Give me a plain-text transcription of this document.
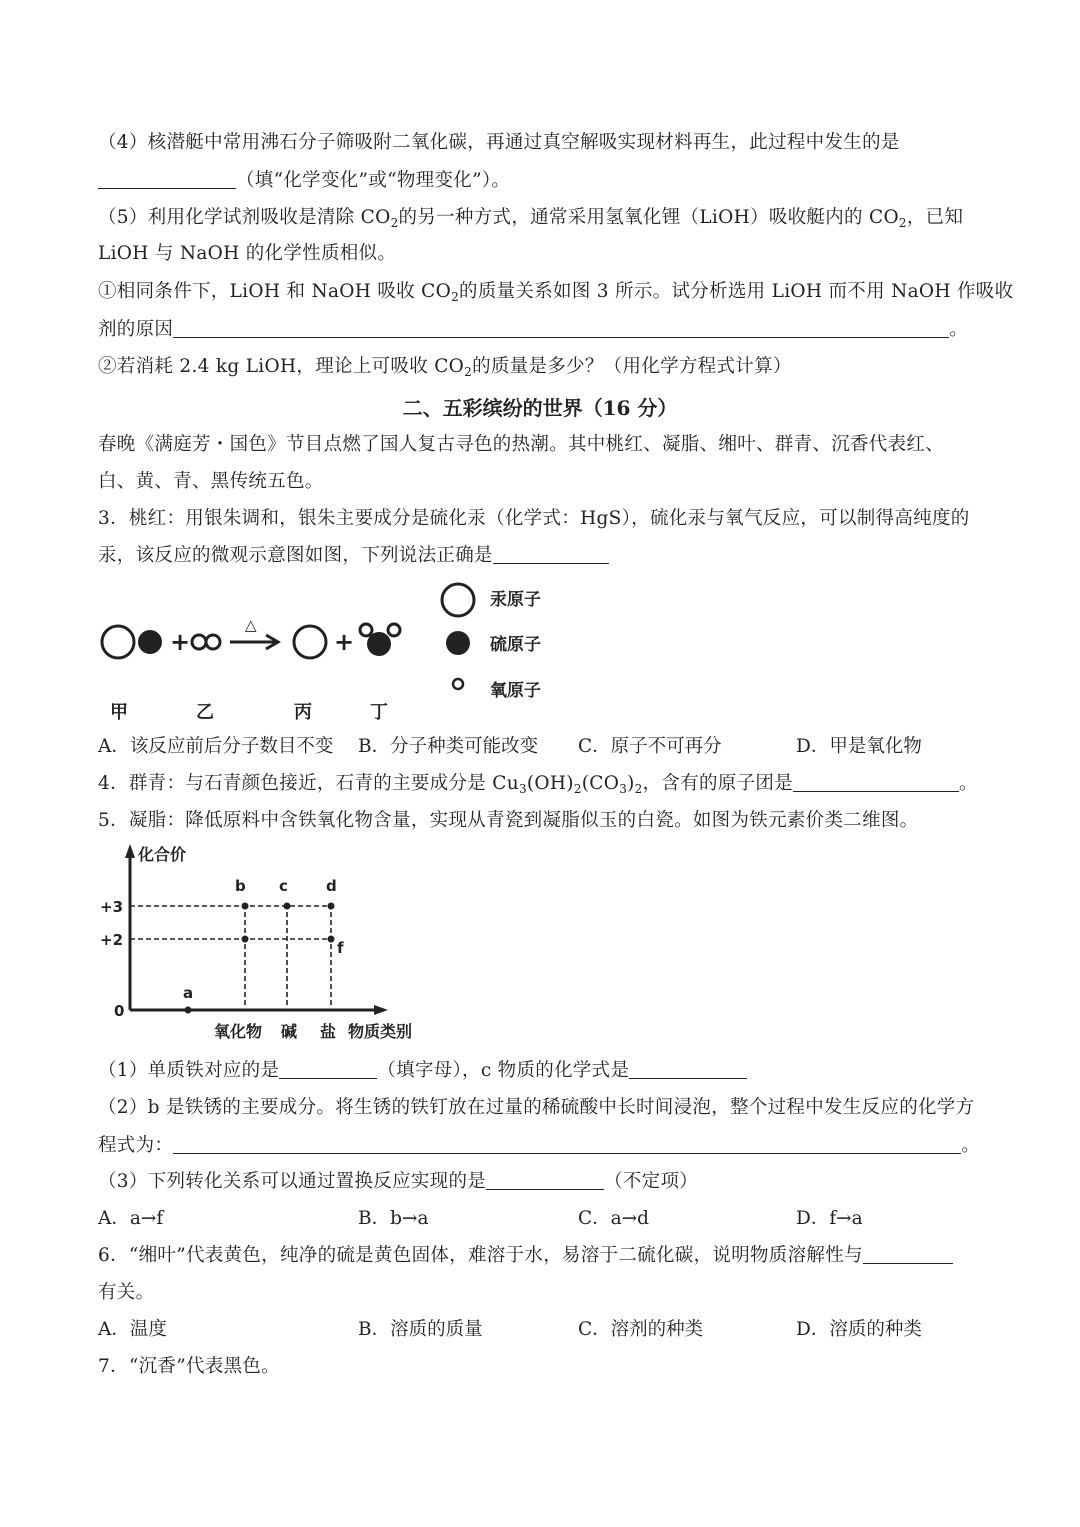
（4）核潜艇中常用沸石分子筛吸附二氧化碳，再通过真空解吸实现材料再生，此过程中发生的是
（填“化学变化”或“物理变化”）。
（5）利用化学试剂吸收是清除 $CO_2$的另一种方式，通常采用氢氧化锂（LiOH）吸收艇内的 $CO_2$，已知
LiOH 与 NaOH 的化学性质相似。
①相同条件下，LiOH 和 NaOH 吸收 $CO_2$的质量关系如图 3 所示。试分析选用 LiOH 而不用 NaOH 作吸收
剂的原因	。
②若消耗 2.4 kg LiOH，理论上可吸收 $CO_2$的质量是多少？（用化学方程式计算）
二、五彩缤纷的世界（16 分）
春晚《满庭芳・国色》节目点燃了国人复古寻色的热潮。其中桃红、凝脂、缃叶、群青、沉香代表红、
白、黄、青、黑传统五色。
3．桃红：用银朱调和，银朱主要成分是硫化汞（化学式：HgS），硫化汞与氧气反应，可以制得高纯度的
汞，该反应的微观示意图如图，下列说法正确是
+
△
+
甲	乙	丙	丁
汞原子
硫原子
氧原子
A．该反应前后分子数目不变 B．分子种类可能改变 C．原子不可再分	D．甲是氧化物
4．群青：与石青颜色接近，石青的主要成分是 $Cu_3(OH)_2(CO_3)_2$，含有的原子团是	。
5．凝脂：降低原料中含铁氧化物含量，实现从青瓷到凝脂似玉的白瓷。如图为铁元素价类二维图。
a
b c	d
f
+3
+2
0
化合价
氧化物 碱 盐 物质类别
（1）单质铁对应的是	（填字母），c 物质的化学式是
（2）b 是铁锈的主要成分。将生锈的铁钉放在过量的稀硫酸中长时间浸泡，整个过程中发生反应的化学方
程式为：	。
（3）下列转化关系可以通过置换反应实现的是	（不定项）
A．a→f	B．b→a	C．a→d	D．f→a
6．“缃叶”代表黄色，纯净的硫是黄色固体，难溶于水，易溶于二硫化碳，说明物质溶解性与
有关。
A．温度	B．溶质的质量	C．溶剂的种类	D．溶质的种类
7．“沉香”代表黑色。
